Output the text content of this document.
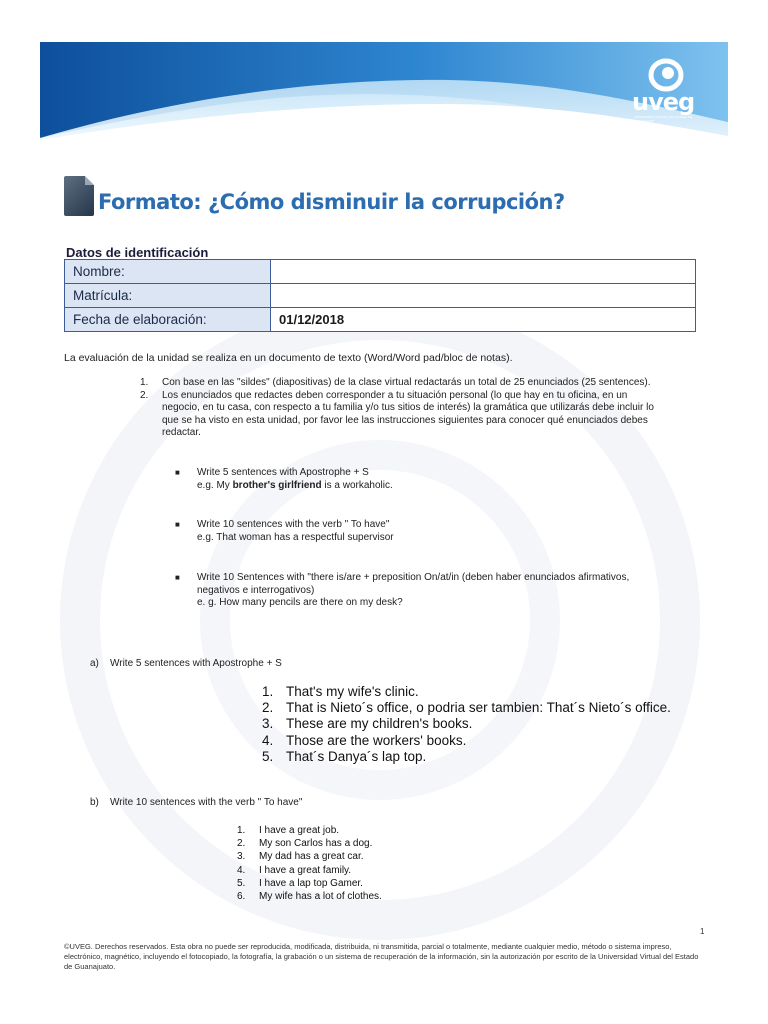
uveg
UNIVERSIDAD VIRTUAL DEL ESTADO DE GUANAJUATO
Formato: ¿Cómo disminuir la corrupción?
Datos de identificación
Nombre:	
Matrícula:	
Fecha de elaboración:	01/12/2018
La evaluación de la unidad se realiza en un documento de texto (Word/Word pad/bloc de notas).
1. Con base en las "sildes" (diapositivas) de la clase virtual redactarás un total de 25 enunciados (25 sentences).
2. Los enunciados que redactes deben corresponder a tu situación personal (lo que hay en tu oficina, en un negocio, en tu casa, con respecto a tu familia y/o tus sitios de interés) la gramática que utilizarás debe incluir lo que se ha visto en esta unidad, por favor lee las instrucciones siguientes para conocer qué enunciados debes redactar.
■ Write 5 sentences with Apostrophe + S
e.g. My brother's girlfriend is a workaholic.
■ Write 10 sentences with the verb " To have"
e.g. That woman has a respectful supervisor
■ Write 10 Sentences with "there is/are + preposition On/at/in (deben haber enunciados afirmativos, negativos e interrogativos)
e. g. How many pencils are there on my desk?
a) Write 5 sentences with Apostrophe + S
1. That's my wife's clinic.
2. That is Nieto´s office, o podria ser tambien: That´s Nieto´s office.
3. These are my children's books.
4. Those are the workers' books.
5. That´s Danya´s lap top.
b) Write 10 sentences with the verb " To have"
1. I have a great job.
2. My son Carlos has a dog.
3. My dad has a great car.
4. I have a great family.
5. I have a lap top Gamer.
6. My wife has a lot of clothes.
1
©UVEG. Derechos reservados. Esta obra no puede ser reproducida, modificada, distribuida, ni transmitida, parcial o totalmente, mediante cualquier medio, método o sistema impreso, electrónico, magnético, incluyendo el fotocopiado, la fotografía, la grabación o un sistema de recuperación de la información, sin la autorización por escrito de la Universidad Virtual del Estado de Guanajuato.
